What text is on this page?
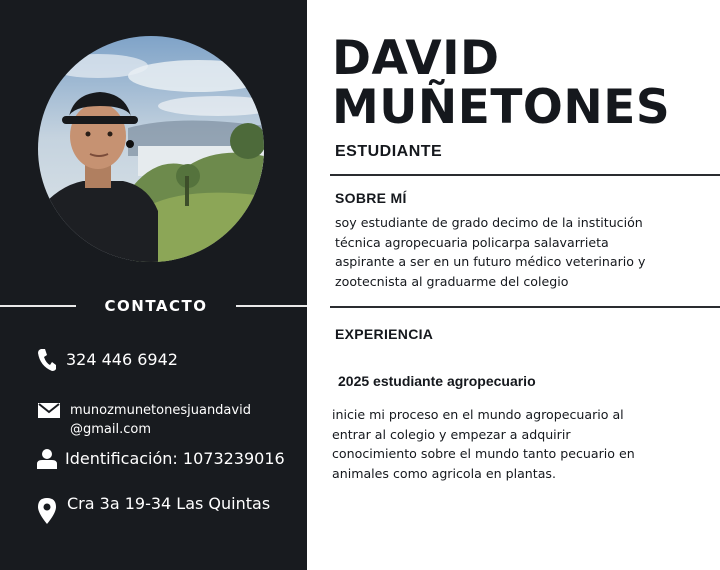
CONTACTO
324 446 6942
munozmunetonesjuandavid
@gmail.com
Identificación: 1073239016
Cra 3a 19-34 Las Quintas
DAVID
MUÑETONES
ESTUDIANTE
SOBRE MÍ
soy estudiante de grado decimo de la institución
técnica agropecuaria policarpa salavarrieta
aspirante a ser en un futuro médico veterinario y
zootecnista al graduarme del colegio
EXPERIENCIA
2025 estudiante agropecuario
inicie mi proceso en el mundo agropecuario al
entrar al colegio y empezar a adquirir
conocimiento sobre el mundo tanto pecuario en
animales como agricola en plantas.
